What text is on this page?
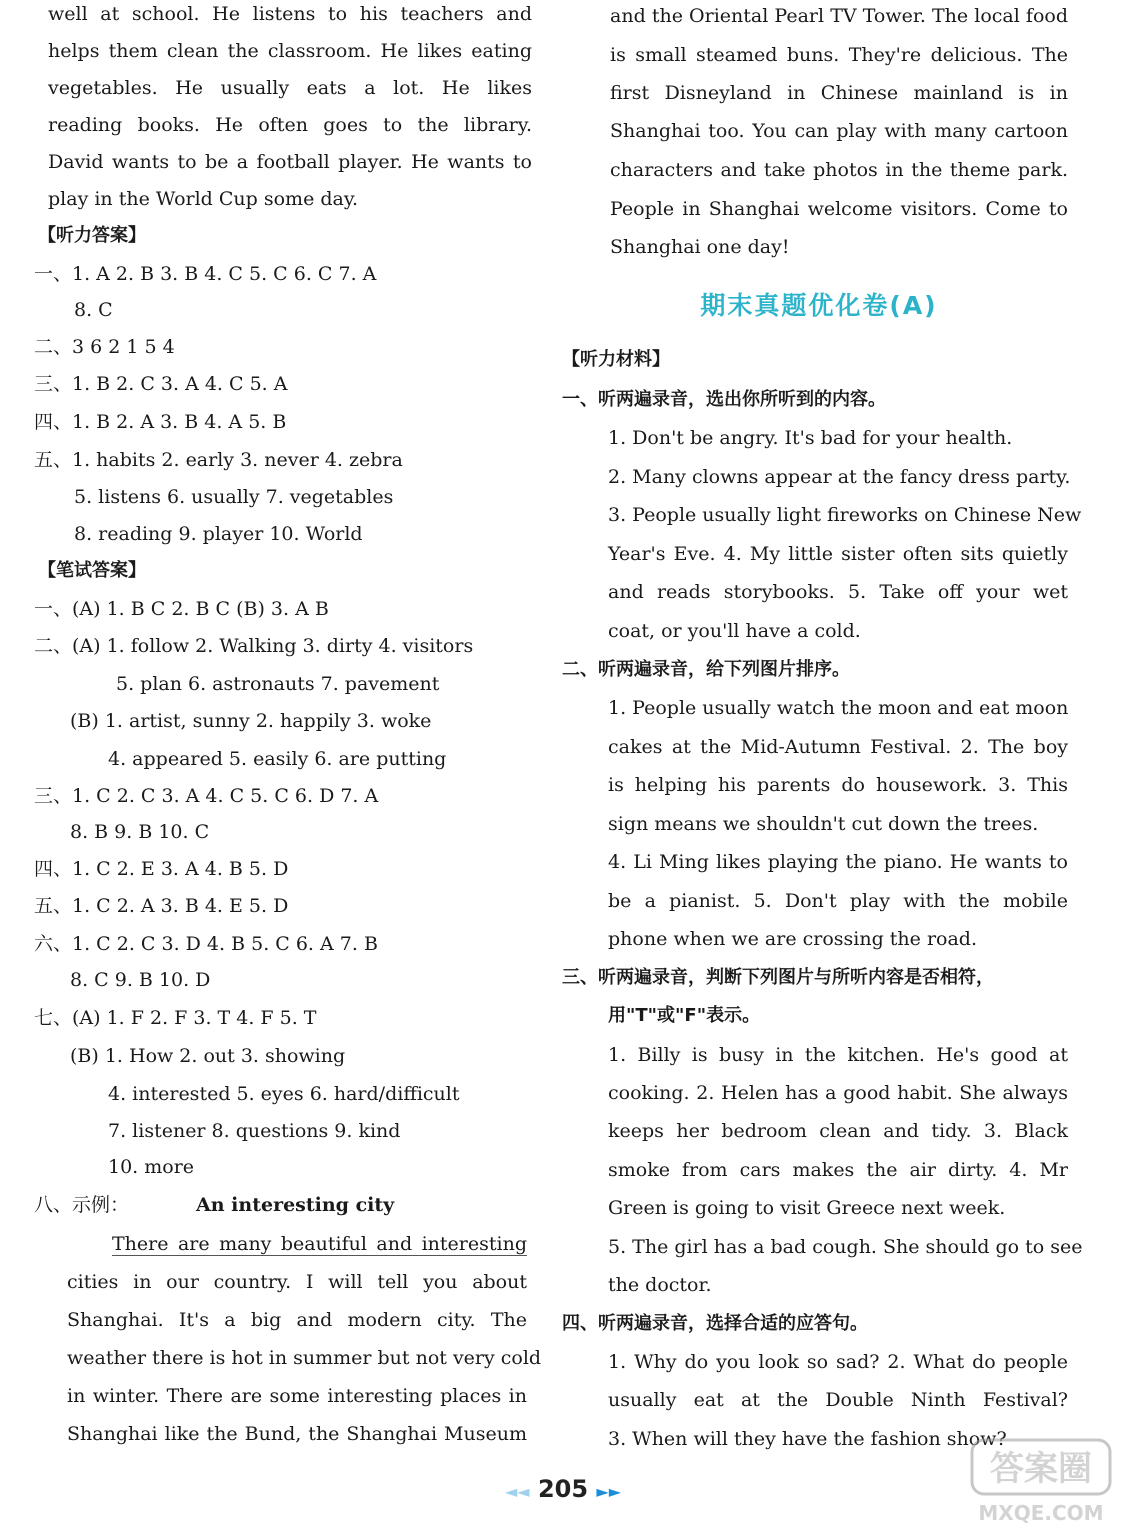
well at school. He listens to his teachers and
helps them clean the classroom. He likes eating
vegetables. He usually eats a lot. He likes
reading books. He often goes to the library.
David wants to be a football player. He wants to
play in the World Cup some day.
【听力答案】
一、1. A 2. B 3. B 4. C 5. C 6. C 7. A
8. C
二、3 6 2 1 5 4
三、1. B 2. C 3. A 4. C 5. A
四、1. B 2. A 3. B 4. A 5. B
五、1. habits 2. early 3. never 4. zebra
5. listens 6. usually 7. vegetables
8. reading 9. player 10. World
【笔试答案】
一、(A) 1. B C 2. B C (B) 3. A B
二、(A) 1. follow 2. Walking 3. dirty 4. visitors
5. plan 6. astronauts 7. pavement
(B) 1. artist, sunny 2. happily 3. woke
4. appeared 5. easily 6. are putting
三、1. C 2. C 3. A 4. C 5. C 6. D 7. A
8. B 9. B 10. C
四、1. C 2. E 3. A 4. B 5. D
五、1. C 2. A 3. B 4. E 5. D
六、1. C 2. C 3. D 4. B 5. C 6. A 7. B
8. C 9. B 10. D
七、(A) 1. F 2. F 3. T 4. F 5. T
(B) 1. How 2. out 3. showing
4. interested 5. eyes 6. hard/difficult
7. listener 8. questions 9. kind
10. more
八、示例：	An interesting city
There are many beautiful and interesting
cities in our country. I will tell you about
Shanghai. It's a big and modern city. The
weather there is hot in summer but not very cold
in winter. There are some interesting places in
Shanghai like the Bund, the Shanghai Museum
and the Oriental Pearl TV Tower. The local food
is small steamed buns. They're delicious. The
first Disneyland in Chinese mainland is in
Shanghai too. You can play with many cartoon
characters and take photos in the theme park.
People in Shanghai welcome visitors. Come to
Shanghai one day!
期末真题优化卷(A)
【听力材料】
一、听两遍录音，选出你所听到的内容。
1. Don't be angry. It's bad for your health.
2. Many clowns appear at the fancy dress party.
3. People usually light fireworks on Chinese New
Year's Eve. 4. My little sister often sits quietly
and reads storybooks. 5. Take off your wet
coat, or you'll have a cold.
二、听两遍录音，给下列图片排序。
1. People usually watch the moon and eat moon
cakes at the Mid-Autumn Festival. 2. The boy
is helping his parents do housework. 3. This
sign means we shouldn't cut down the trees.
4. Li Ming likes playing the piano. He wants to
be a pianist. 5. Don't play with the mobile
phone when we are crossing the road.
三、听两遍录音，判断下列图片与所听内容是否相符，
用"T"或"F"表示。
1. Billy is busy in the kitchen. He's good at
cooking. 2. Helen has a good habit. She always
keeps her bedroom clean and tidy. 3. Black
smoke from cars makes the air dirty. 4. Mr
Green is going to visit Greece next week.
5. The girl has a bad cough. She should go to see
the doctor.
四、听两遍录音，选择合适的应答句。
1. Why do you look so sad? 2. What do people
usually eat at the Double Ninth Festival?
3. When will they have the fashion show?
◄◄ 205 ►►
答案圈
MXQE.COM
